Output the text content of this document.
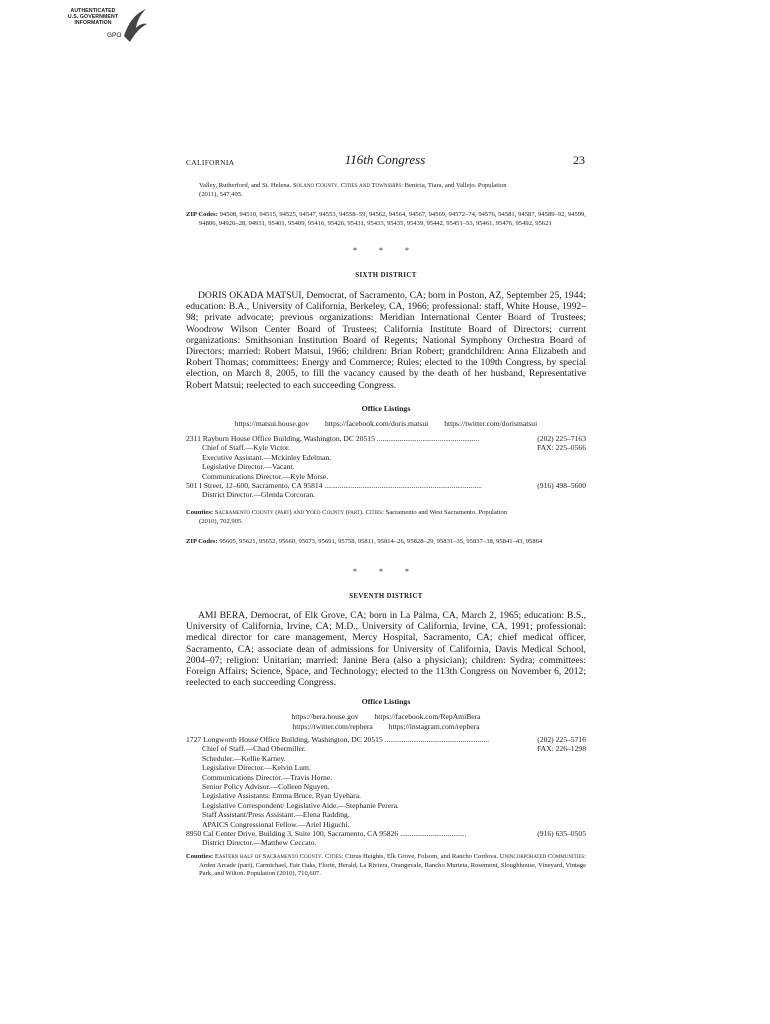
AUTHENTICATED
U.S. GOVERNMENT
INFORMATION
GPO
CALIFORNIA	116th Congress	23
Valley, Rutherford, and St. Helena. Solano County. Cities and Townships: Benicia, Tiara, and Vallejo. Population
(2011), 547,495.
ZIP Codes: 94508, 94510, 94515, 94525, 94547, 94553, 94558–59, 94562, 94564, 94567, 94569, 94572–74, 94576, 94581, 94587, 94589–92, 94599, 94806, 94926–28, 94931, 95401, 95409, 95416, 95426, 95431, 95433, 95435, 95439, 95442, 95451–53, 95461, 95476, 95492, 95621
* * *
SIXTH DISTRICT
DORIS OKADA MATSUI, Democrat, of Sacramento, CA; born in Poston, AZ, September 25, 1944; education: B.A., University of California, Berkeley, CA, 1966; professional: staff, White House, 1992–98; private advocate; previous organizations: Meridian International Center Board of Trustees; Woodrow Wilson Center Board of Trustees; California Institute Board of Directors; current organizations: Smithsonian Institution Board of Regents; National Symphony Orchestra Board of Directors; married: Robert Matsui, 1966; children: Brian Robert; grandchildren: Anna Elizabeth and Robert Thomas; committees: Energy and Commerce; Rules; elected to the 109th Congress, by special election, on March 8, 2005, to fill the vacancy caused by the death of her husband, Representative Robert Matsui; reelected to each succeeding Congress.
Office Listings
https://matsui.house.gov https://facebook.com/doris.matsui https://twitter.com/dorismatsui
2311 Rayburn House Office Building, Washington, DC 20515 ......................................................	(202) 225–7163
Chief of Staff.—Kyle Victor.	FAX: 225–0566
Executive Assistant.—Mckinley Edelman.
Legislative Director.—Vacant.
Communications Director.—Kyle Morse.
501 I Street, 12–600, Sacramento, CA 95814 ...................................................................................	(916) 498–5600
District Director.—Glenda Corcoran.
Counties: Sacramento County (part) and Yolo County (part). Cities: Sacramento and West Sacramento. Population
(2010), 702,905.
ZIP Codes: 95605, 95621, 95652, 95660, 95673, 95691, 95758, 95811, 95814–26, 95828–29, 95831–35, 95837–38, 95841–43, 95864
* * *
SEVENTH DISTRICT
AMI BERA, Democrat, of Elk Grove, CA; born in La Palma, CA, March 2, 1965; education: B.S., University of California, Irvine, CA; M.D., University of California, Irvine, CA, 1991; professional: medical director for care management, Mercy Hospital, Sacramento, CA; chief medical officer, Sacramento, CA; associate dean of admissions for University of California, Davis Medical School, 2004–07; religion: Unitarian; married: Janine Bera (also a physician); children: Sydra; committees: Foreign Affairs; Science, Space, and Technology; elected to the 113th Congress on November 6, 2012; reelected to each succeeding Congress.
Office Listings
https://bera.house.gov https://facebook.com/RepAmiBera
https://twitter.com/repbera https://instagram.com/repbera
1727 Longworth House Office Building, Washington, DC 20515 .......................................................	(202) 225–5716
Chief of Staff.—Chad Obermiller.	FAX: 226–1298
Scheduler.—Kellie Karney.
Legislative Director.—Kelvin Lum.
Communications Director.—Travis Horne.
Senior Policy Advisor.—Colleen Nguyen.
Legislative Assistants: Emma Bruce, Ryan Uyehara.
Legislative Correspondent/ Legislative Aide.—Stephanie Perera.
Staff Assistant/Press Assistant.—Elena Radding.
APAICS Congressional Fellow.—Ariel Higuchi.
8950 Cal Center Drive, Building 3, Suite 100, Sacramento, CA 95826 ...................................	(916) 635–0505
District Director.—Matthew Ceccato.
Counties: Eastern half of Sacramento County. Cities: Citrus Heights, Elk Grove, Folsom, and Rancho Cordova. Unincorporated Communities: Arden Arcade (part), Carmichael, Fair Oaks, Florin, Herald, La Riviera, Orangevale, Rancho Murieta, Rosemont, Sloughhouse, Vineyard, Vintage Park, and Wilton. Population (2010), 710,607.
